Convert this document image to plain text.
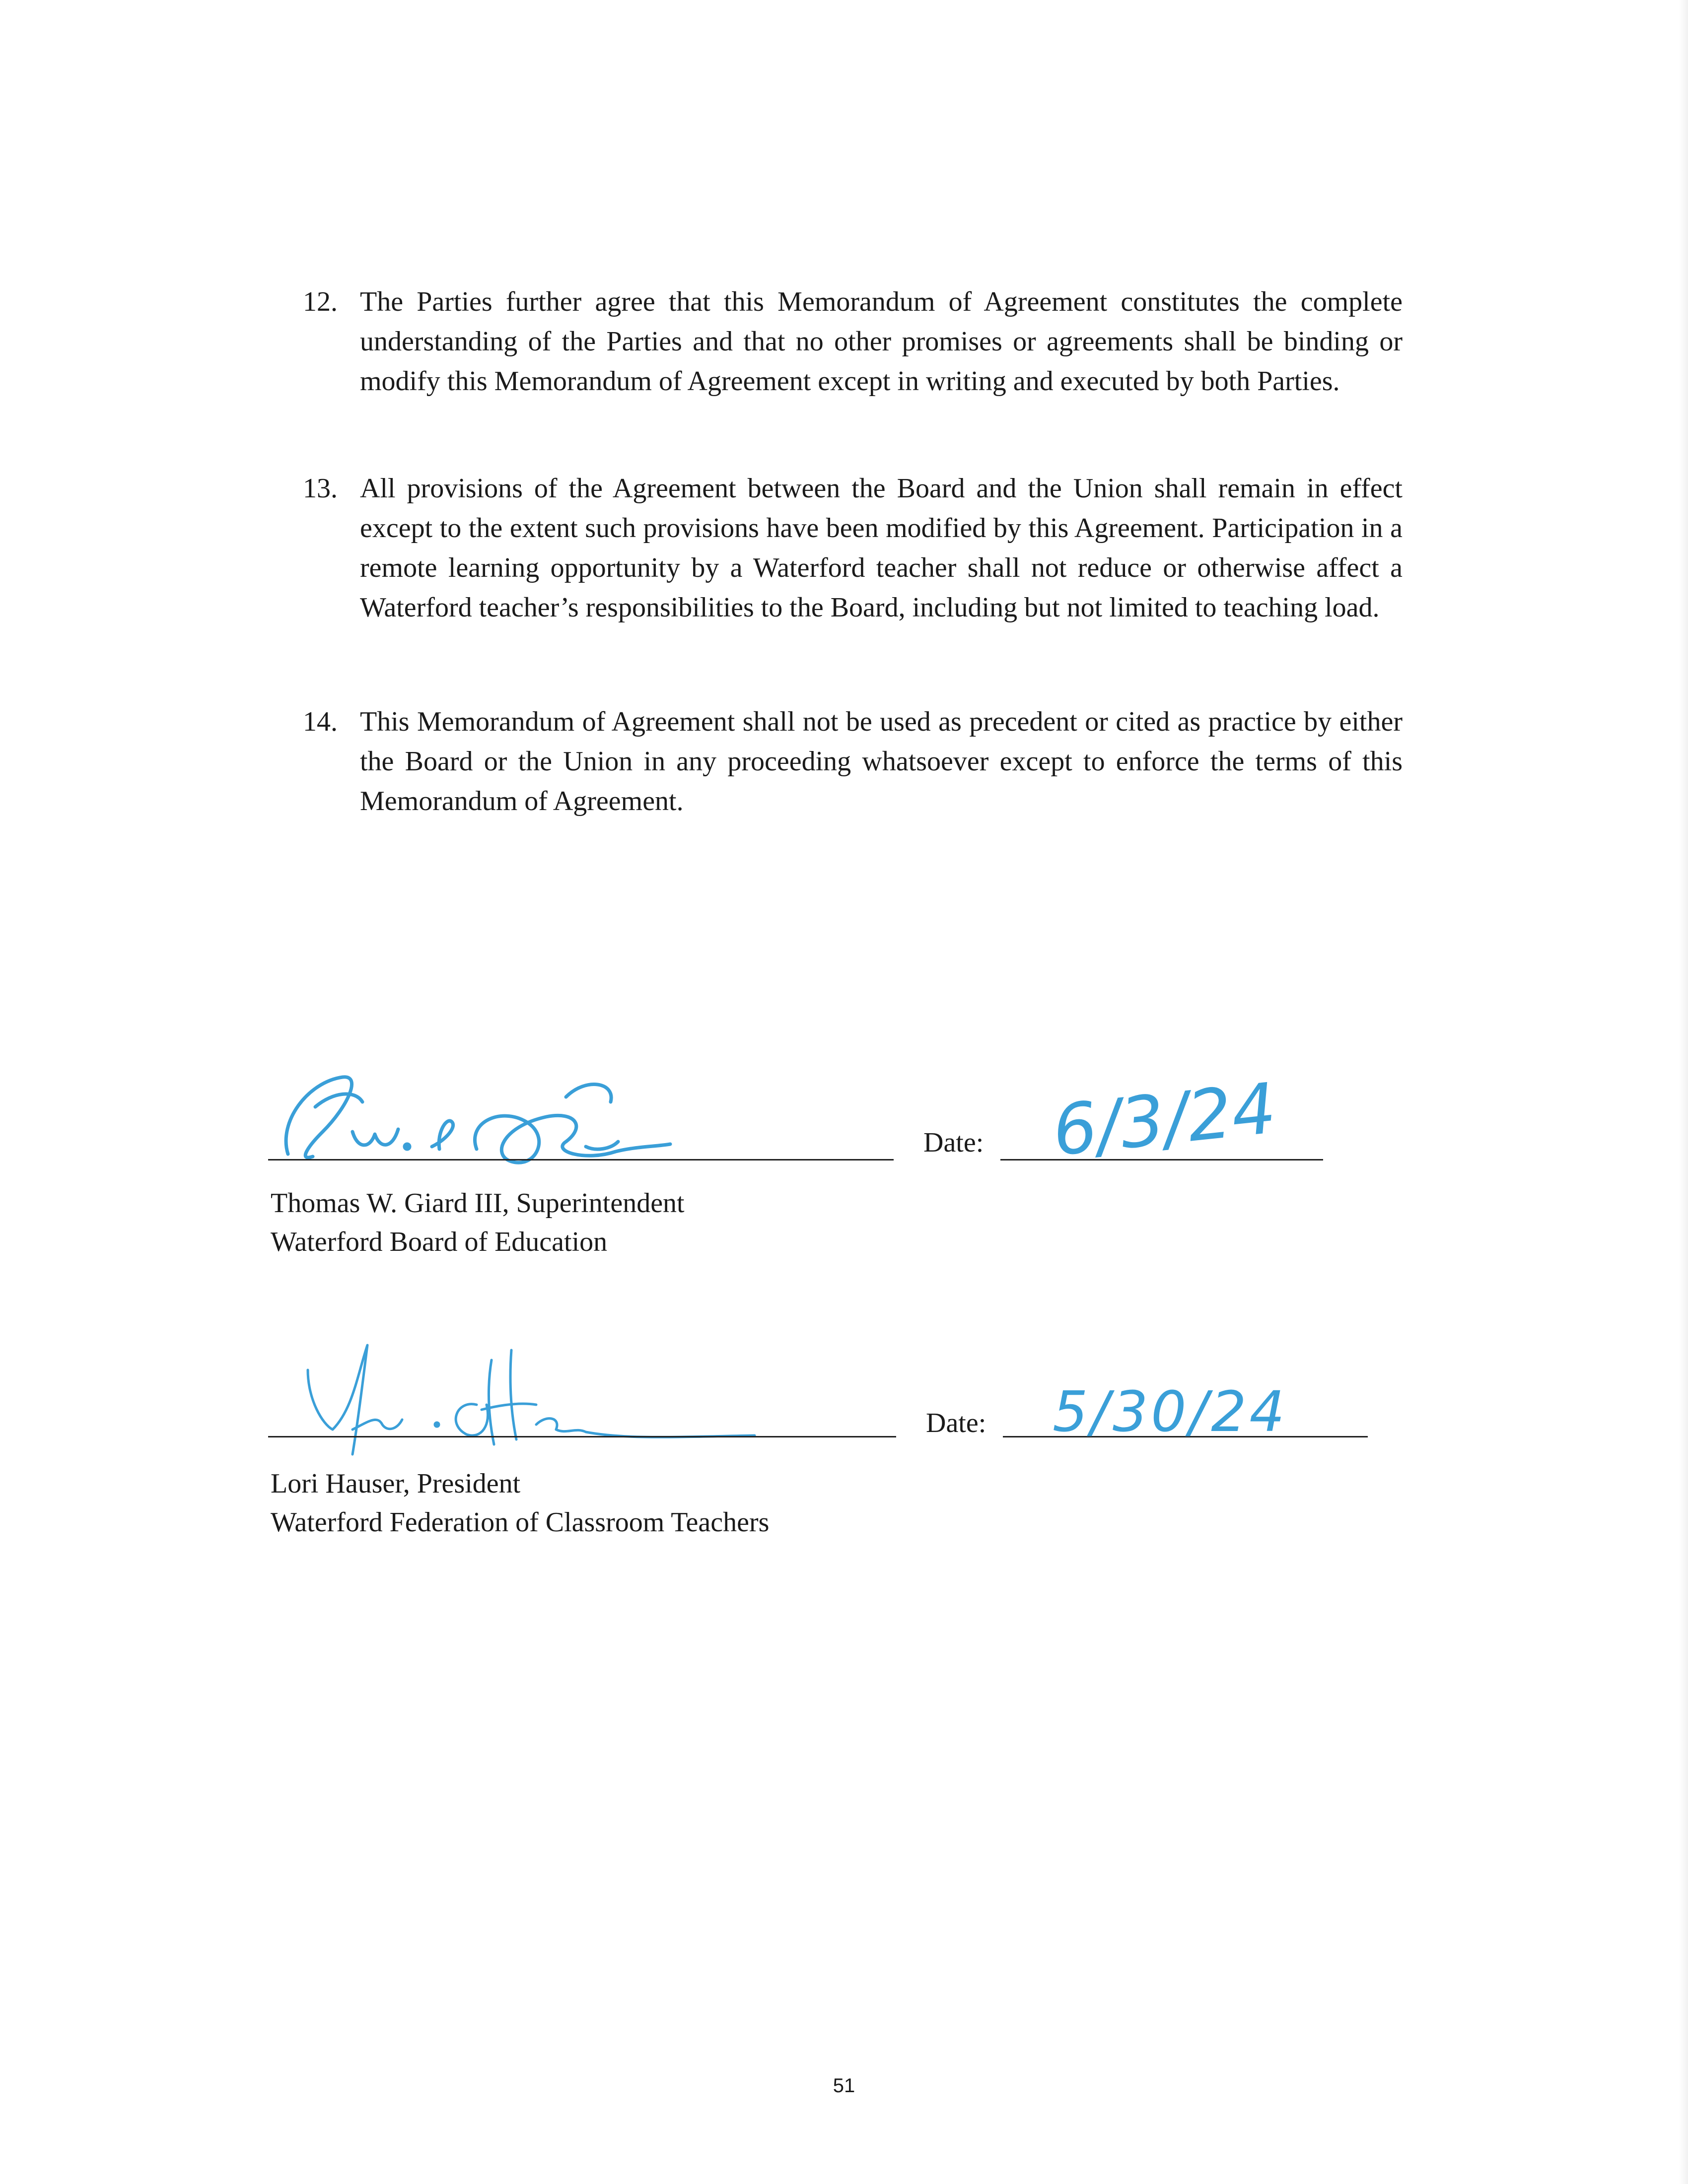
12. The Parties further agree that this Memorandum of Agreement constitutes the complete understanding of the Parties and that no other promises or agreements shall be binding or modify this Memorandum of Agreement except in writing and executed by both Parties.
13. All provisions of the Agreement between the Board and the Union shall remain in effect except to the extent such provisions have been modified by this Agreement. Participation in a remote learning opportunity by a Waterford teacher shall not reduce or otherwise affect a Waterford teacher’s responsibilities to the Board, including but not limited to teaching load.
14. This Memorandum of Agreement shall not be used as precedent or cited as practice by either the Board or the Union in any proceeding whatsoever except to enforce the terms of this Memorandum of Agreement.
Date: 6/3/24
Thomas W. Giard III, Superintendent
Waterford Board of Education
Date: 5/30/24
Lori Hauser, President
Waterford Federation of Classroom Teachers
51
